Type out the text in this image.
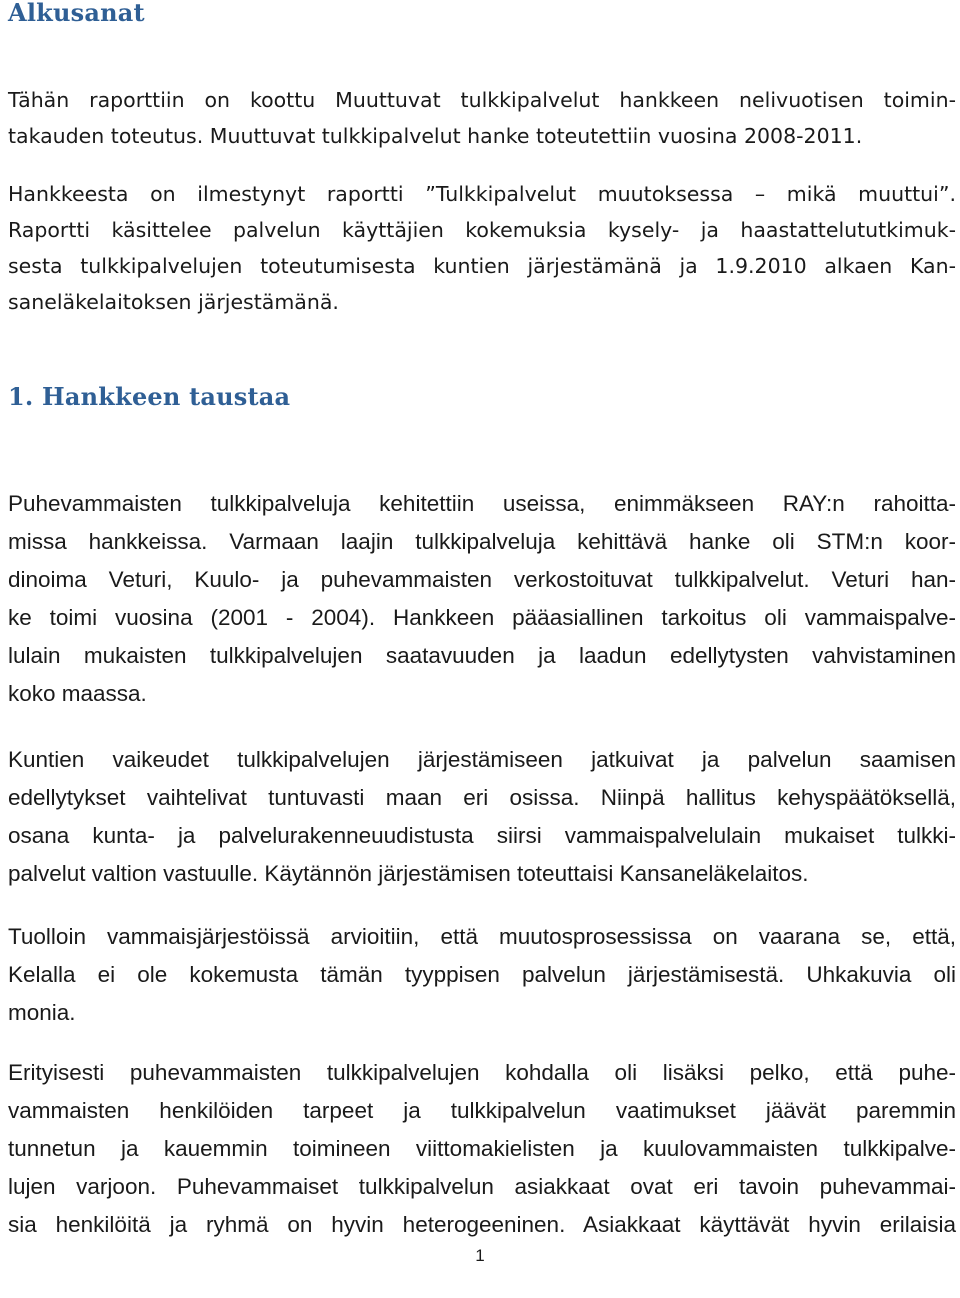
Alkusanat

Tähän raporttiin on koottu Muuttuvat tulkkipalvelut hankkeen nelivuotisen toimin-
takauden toteutus. Muuttuvat tulkkipalvelut hanke toteutettiin vuosina 2008-2011.

Hankkeesta on ilmestynyt raportti ”Tulkkipalvelut muutoksessa – mikä muuttui”.
Raportti käsittelee palvelun käyttäjien kokemuksia kysely- ja haastattelututkimuk-
sesta tulkkipalvelujen toteutumisesta kuntien järjestämänä ja 1.9.2010 alkaen Kan-
saneläkelaitoksen järjestämänä.

1. Hankkeen taustaa

Puhevammaisten tulkkipalveluja kehitettiin useissa, enimmäkseen RAY:n rahoitta-
missa hankkeissa. Varmaan laajin tulkkipalveluja kehittävä hanke oli STM:n koor-
dinoima Veturi, Kuulo- ja puhevammaisten verkostoituvat tulkkipalvelut. Veturi han-
ke toimi vuosina (2001 - 2004). Hankkeen pääasiallinen tarkoitus oli vammaispalve-
lulain mukaisten tulkkipalvelujen saatavuuden ja laadun edellytysten vahvistaminen
koko maassa.

Kuntien vaikeudet tulkkipalvelujen järjestämiseen jatkuivat ja palvelun saamisen
edellytykset vaihtelivat tuntuvasti maan eri osissa. Niinpä hallitus kehyspäätöksellä,
osana kunta- ja palvelurakenneuudistusta siirsi vammaispalvelulain mukaiset tulkki-
palvelut valtion vastuulle. Käytännön järjestämisen toteuttaisi Kansaneläkelaitos.

Tuolloin vammaisjärjestöissä arvioitiin, että muutosprosessissa on vaarana se, että,
Kelalla ei ole kokemusta tämän tyyppisen palvelun järjestämisestä. Uhkakuvia oli
monia.

Erityisesti puhevammaisten tulkkipalvelujen kohdalla oli lisäksi pelko, että puhe-
vammaisten henkilöiden tarpeet ja tulkkipalvelun vaatimukset jäävät paremmin
tunnetun ja kauemmin toimineen viittomakielisten ja kuulovammaisten tulkkipalve-
lujen varjoon. Puhevammaiset tulkkipalvelun asiakkaat ovat eri tavoin puhevammai-
sia henkilöitä ja ryhmä on hyvin heterogeeninen. Asiakkaat käyttävät hyvin erilaisia

1
